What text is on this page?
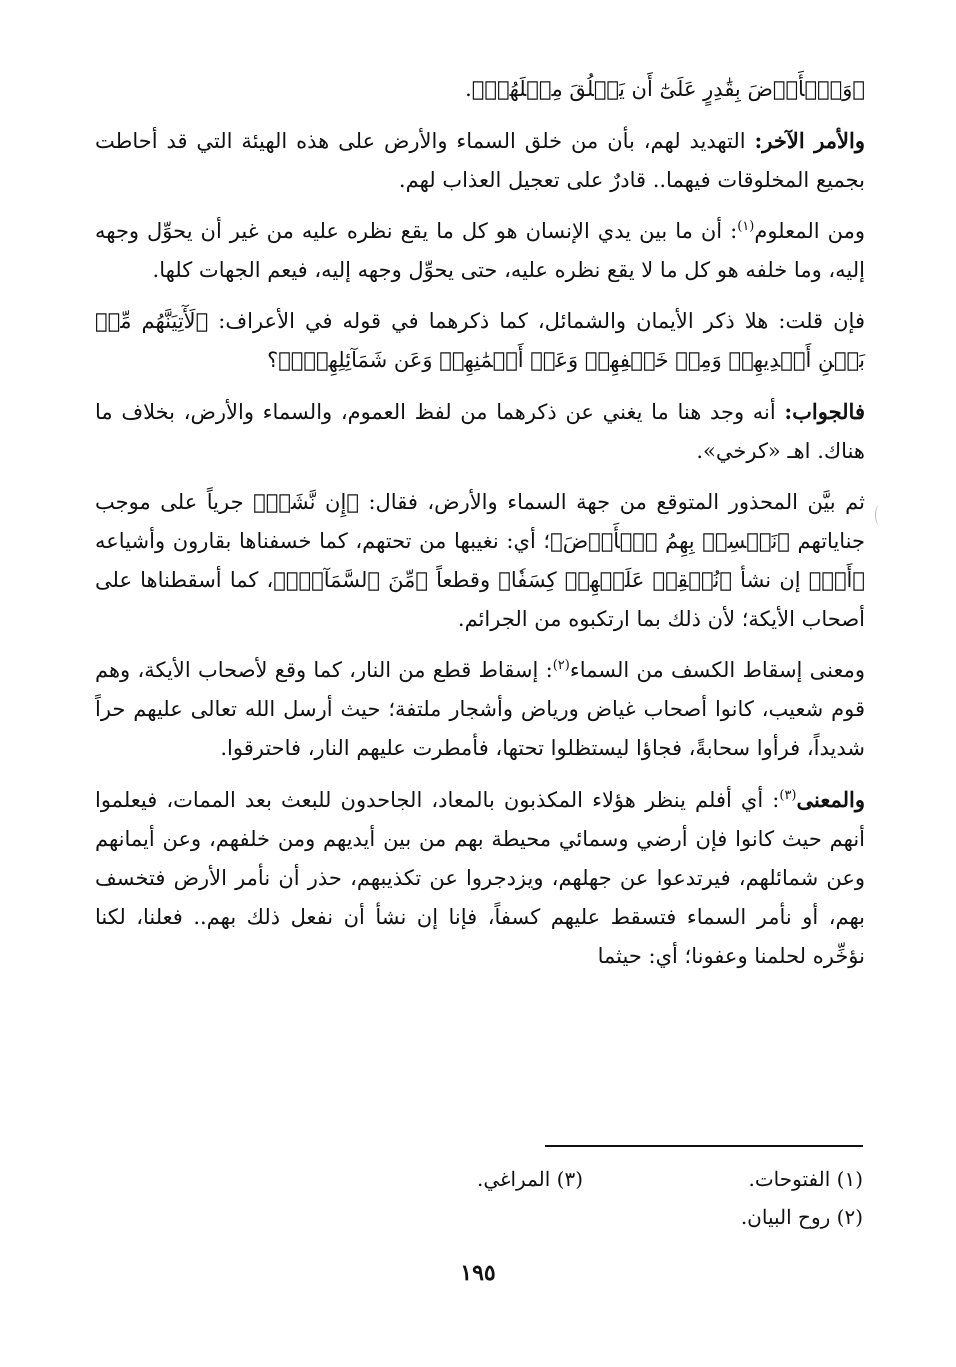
﴿وَٱلۡأَرۡضَ بِقَٰدِرٍ عَلَىٰٓ أَن يَخۡلُقَ مِثۡلَهُمۚ﴾.

والأمر الآخر: التهديد لهم، بأن من خلق السماء والأرض على هذه الهيئة التي قد أحاطت بجميع المخلوقات فيهما.. قادرٌ على تعجيل العذاب لهم.

ومن المعلوم$^{(١)}$: أن ما بين يدي الإنسان هو كل ما يقع نظره عليه من غير أن يحوِّل وجهه إليه، وما خلفه هو كل ما لا يقع نظره عليه، حتى يحوِّل وجهه إليه، فيعم الجهات كلها.

فإن قلت: هلا ذكر الأيمان والشمائل، كما ذكرهما في قوله في الأعراف: ﴿لَأٓتِيَنَّهُم مِّنۢ بَيۡنِ أَيۡدِيهِمۡ وَمِنۡ خَلۡفِهِمۡ وَعَنۡ أَيۡمَٰنِهِمۡ وَعَن شَمَآئِلِهِمۡۖ﴾؟

فالجواب: أنه وجد هنا ما يغني عن ذكرهما من لفظ العموم، والسماء والأرض، بخلاف ما هناك. اهـ «كرخي».

ثم بيَّن المحذور المتوقع من جهة السماء والأرض، فقال: ﴿إِن نَّشَأۡ﴾ جرياً على موجب جناياتهم ﴿نَخۡسِفۡ بِهِمُ ٱلۡأَرۡضَ﴾؛ أي: نغيبها من تحتهم، كما خسفناها بقارون وأشياعه ﴿أَوۡ﴾ إن نشأ ﴿نُسۡقِطۡ عَلَيۡهِمۡ كِسَفٗا﴾ وقطعاً ﴿مِّنَ ٱلسَّمَآءِۚ﴾، كما أسقطناها على أصحاب الأيكة؛ لأن ذلك بما ارتكبوه من الجرائم.

ومعنى إسقاط الكسف من السماء$^{(٢)}$: إسقاط قطع من النار، كما وقع لأصحاب الأيكة، وهم قوم شعيب، كانوا أصحاب غياض ورياض وأشجار ملتفة؛ حيث أرسل الله تعالى عليهم حراً شديداً، فرأوا سحابةً، فجاؤا ليستظلوا تحتها، فأمطرت عليهم النار، فاحترقوا.

والمعنى$^{(٣)}$: أي أفلم ينظر هؤلاء المكذبون بالمعاد، الجاحدون للبعث بعد الممات، فيعلموا أنهم حيث كانوا فإن أرضي وسمائي محيطة بهم من بين أيديهم ومن خلفهم، وعن أيمانهم وعن شمائلهم، فيرتدعوا عن جهلهم، ويزدجروا عن تكذيبهم، حذر أن نأمر الأرض فتخسف بهم، أو نأمر السماء فتسقط عليهم كسفاً، فإنا إن نشأ أن نفعل ذلك بهم.. فعلنا، لكنا نؤخِّره لحلمنا وعفونا؛ أي: حيثما

(١) الفتوحات.
(٣) المراغي.
(٢) روح البيان.
١٩٥
